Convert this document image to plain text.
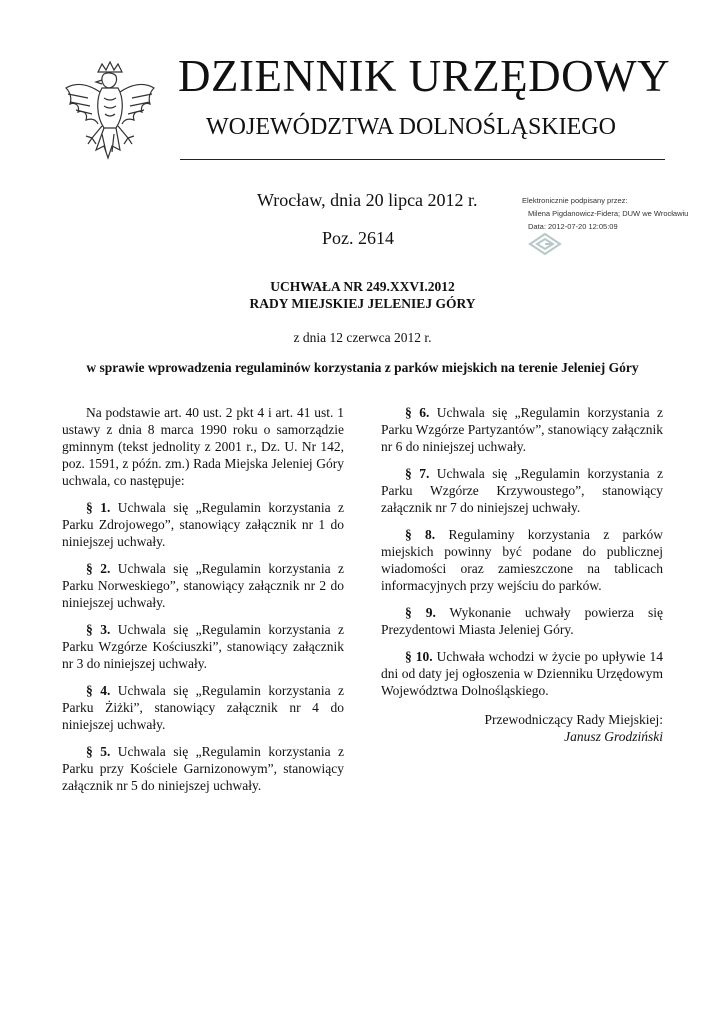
DZIENNIK URZĘDOWY
WOJEWÓDZTWA DOLNOŚLĄSKIEGO
Wrocław, dnia 20 lipca 2012 r.
Poz. 2614
Elektronicznie podpisany przez:
Milena Pigdanowicz-Fidera; DUW we Wrocławiu
Data: 2012-07-20 12:05:09
UCHWAŁA NR 249.XXVI.2012
RADY MIEJSKIEJ JELENIEJ GÓRY
z dnia 12 czerwca 2012 r.
w sprawie wprowadzenia regulaminów korzystania z parków miejskich na terenie Jeleniej Góry

Na podstawie art. 40 ust. 2 pkt 4 i art. 41 ust. 1 ustawy z dnia 8 marca 1990 roku o samorządzie gminnym (tekst jednolity z 2001 r., Dz. U. Nr 142, poz. 1591, z późn. zm.) Rada Miejska Jeleniej Góry uchwala, co następuje:

§ 1. Uchwala się „Regulamin korzystania z Parku Zdrojowego”, stanowiący załącznik nr 1 do niniejszej uchwały.

§ 2. Uchwala się „Regulamin korzystania z Parku Norweskiego”, stanowiący załącznik nr 2 do niniejszej uchwały.

§ 3. Uchwala się „Regulamin korzystania z Parku Wzgórze Kościuszki”, stanowiący załącznik nr 3 do niniejszej uchwały.

§ 4. Uchwala się „Regulamin korzystania z Parku Żiżki”, stanowiący załącznik nr 4 do niniejszej uchwały.

§ 5. Uchwala się „Regulamin korzystania z Parku przy Kościele Garnizonowym”, stanowiący załącznik nr 5 do niniejszej uchwały.

§ 6. Uchwala się „Regulamin korzystania z Parku Wzgórze Partyzantów”, stanowiący załącznik nr 6 do niniejszej uchwały.

§ 7. Uchwala się „Regulamin korzystania z Parku Wzgórze Krzywoustego”, stanowiący załącznik nr 7 do niniejszej uchwały.

§ 8. Regulaminy korzystania z parków miejskich powinny być podane do publicznej wiadomości oraz zamieszczone na tablicach informacyjnych przy wejściu do parków.

§ 9. Wykonanie uchwały powierza się Prezydentowi Miasta Jeleniej Góry.

§ 10. Uchwała wchodzi w życie po upływie 14 dni od daty jej ogłoszenia w Dzienniku Urzędowym Województwa Dolnośląskiego.

Przewodniczący Rady Miejskiej:
Janusz Grodziński
